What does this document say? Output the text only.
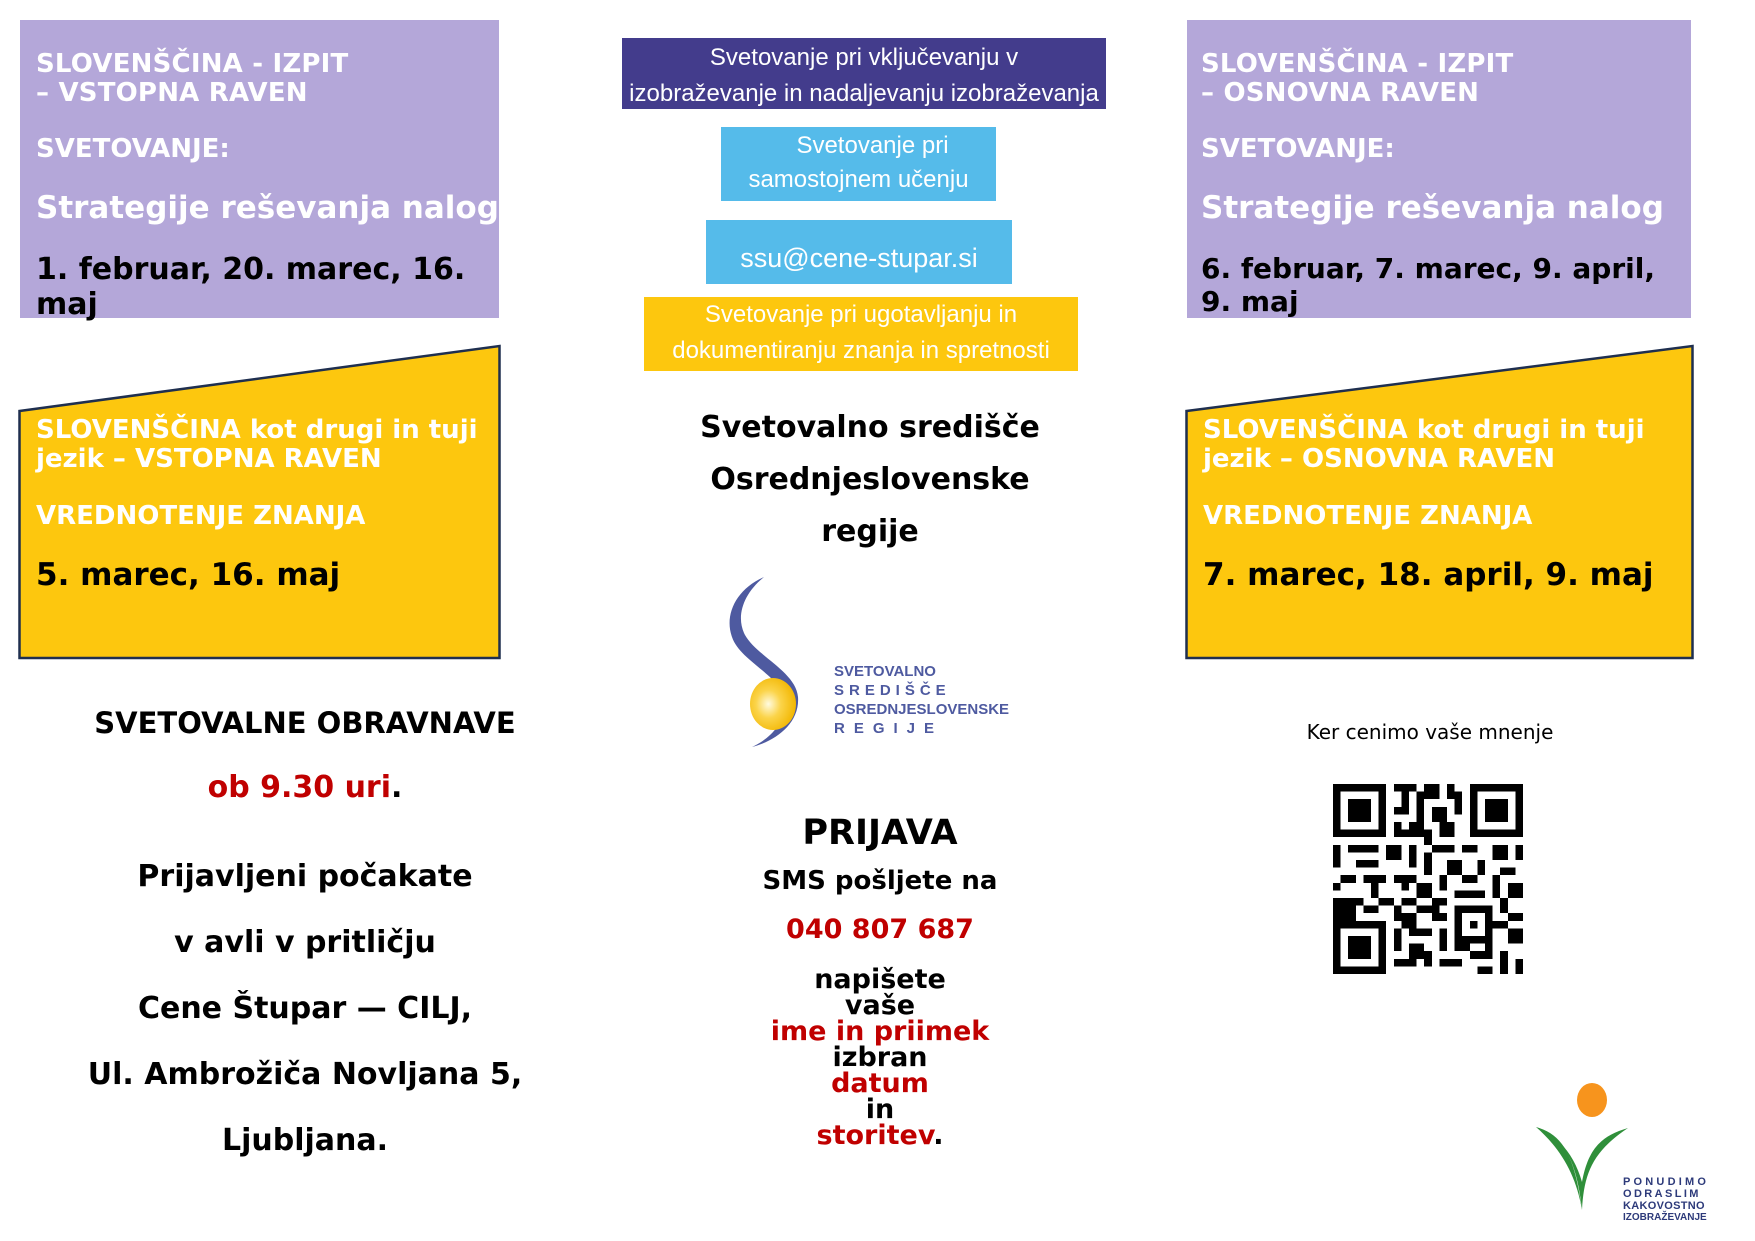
SLOVENŠČINA - IZPIT
– VSTOPNA RAVEN
SVETOVANJE:
Strategije reševanja nalog
1. februar, 20. marec, 16. maj
SLOVENŠČINA - IZPIT
– OSNOVNA RAVEN
SVETOVANJE:
Strategije reševanja nalog
6. februar, 7. marec, 9. april, 9. maj
SLOVENŠČINA kot drugi in tuji
jezik – VSTOPNA RAVEN
VREDNOTENJE ZNANJA
5. marec, 16. maj
SLOVENŠČINA kot drugi in tuji
jezik – OSNOVNA RAVEN
VREDNOTENJE ZNANJA
7. marec, 18. april, 9. maj
Svetovanje pri vključevanju v
izobraževanje in nadaljevanju izobraževanja
Svetovanje pri
samostojnem učenju
ssu@cene-stupar.si
Svetovanje pri ugotavljanju in
dokumentiranju znanja in spretnosti
Svetovalno središče
Osrednjeslovenske
regije
SVETOVALNO
SREDIŠČE
OSREDNJESLOVENSKE
REGIJE
SVETOVALNE OBRAVNAVE
ob 9.30 uri.
Prijavljeni počakate
v avli v pritličju
Cene Štupar — CILJ,
Ul. Ambrožiča Novljana 5,
Ljubljana.
PRIJAVA
SMS pošljete na
040 807 687
napišete
vaše
ime in priimek
izbran
datum
in
storitev.
Ker cenimo vaše mnenje
PONUDIMO
ODRASLIM
KAKOVOSTNO
IZOBRAŽEVANJE
